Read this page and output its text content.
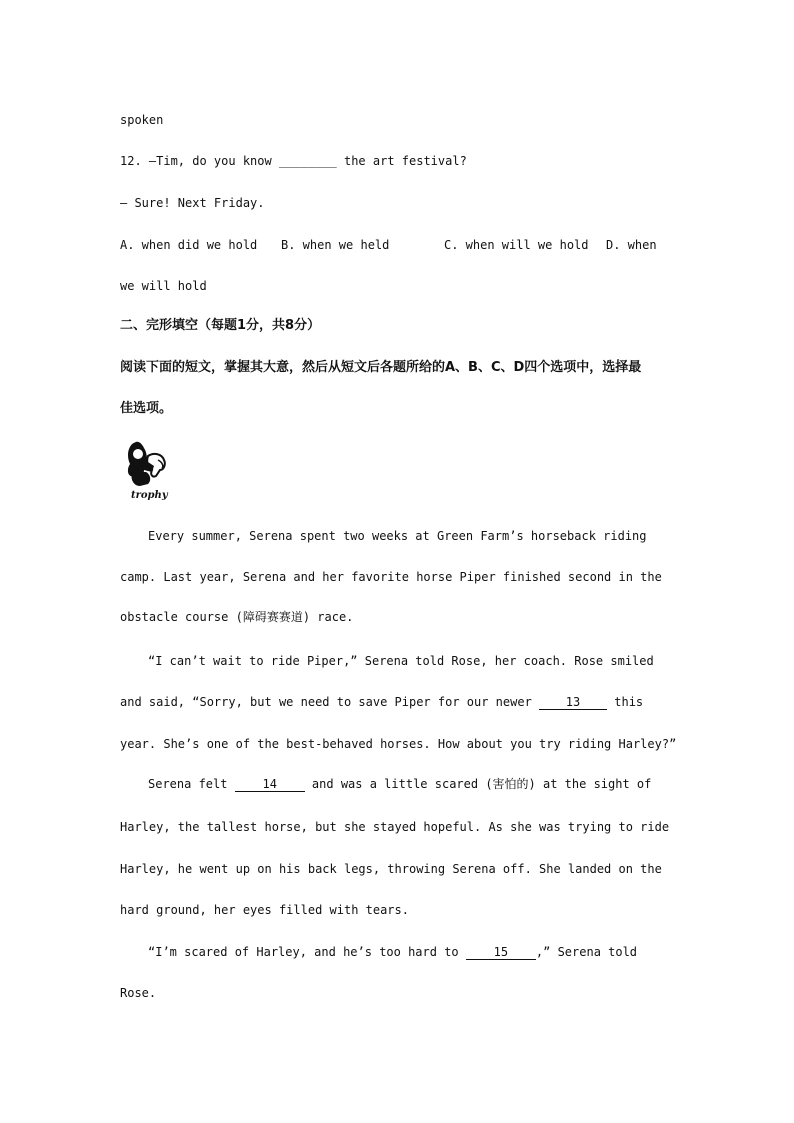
spoken
12. —Tim, do you know ________ the art festival?
— Sure! Next Friday.

A. when did we hold

B. when we held

	C. when will we hold

D. when

we will hold
二、完形填空（每题1分，共8分）
阅读下面的短文，掌握其大意，然后从短文后各题所给的A、B、C、D四个选项中，选择最
佳选项。
trophy
Every summer, Serena spent two weeks at Green Farm’s horseback riding
camp. Last year, Serena and her favorite horse Piper finished second in the
obstacle course (障碍赛赛道) race.
“I can’t wait to ride Piper,” Serena told Rose, her coach. Rose smiled
and said, “Sorry, but we need to save Piper for our newer 13 this
year. She’s one of the best-behaved horses. How about you try riding Harley?”
Serena felt 14 and was a little scared (害怕的) at the sight of
Harley, the tallest horse, but she stayed hopeful. As she was trying to ride
Harley, he went up on his back legs, throwing Serena off. She landed on the
hard ground, her eyes filled with tears.
“I’m scared of Harley, and he’s too hard to 15 ,” Serena told
Rose.
